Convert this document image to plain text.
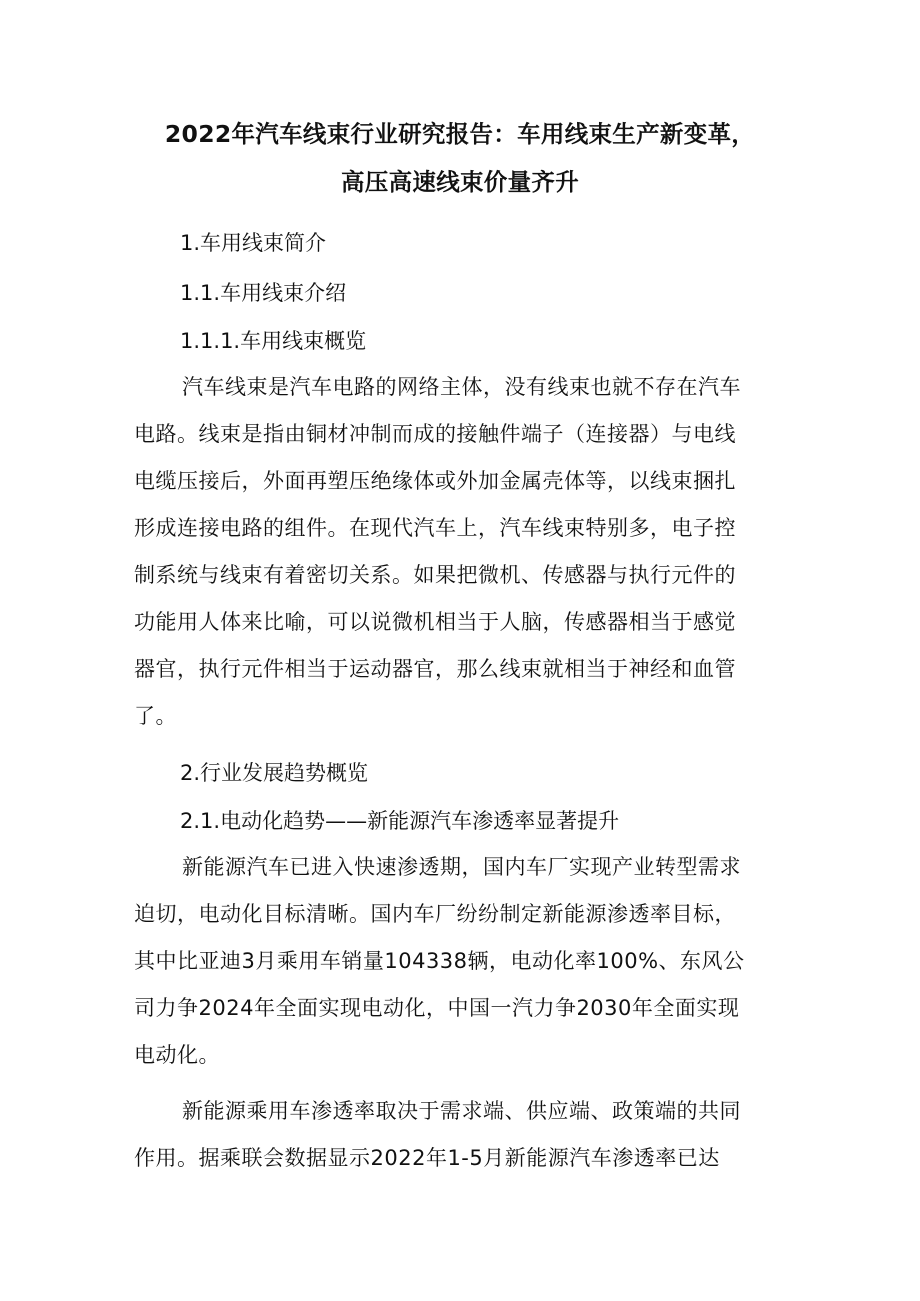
2022年汽车线束行业研究报告：车用线束生产新变革，
高压高速线束价量齐升
1.车用线束简介
1.1.车用线束介绍
1.1.1.车用线束概览
汽车线束是汽车电路的网络主体，没有线束也就不存在汽车
电路。线束是指由铜材冲制而成的接触件端子（连接器）与电线
电缆压接后，外面再塑压绝缘体或外加金属壳体等，以线束捆扎
形成连接电路的组件。在现代汽车上，汽车线束特别多，电子控
制系统与线束有着密切关系。如果把微机、传感器与执行元件的
功能用人体来比喻，可以说微机相当于人脑，传感器相当于感觉
器官，执行元件相当于运动器官，那么线束就相当于神经和血管
了。
2.行业发展趋势概览
2.1.电动化趋势——新能源汽车渗透率显著提升
新能源汽车已进入快速渗透期，国内车厂实现产业转型需求
迫切，电动化目标清晰。国内车厂纷纷制定新能源渗透率目标，
其中比亚迪3月乘用车销量104338辆，电动化率100%、东风公
司力争2024年全面实现电动化，中国一汽力争2030年全面实现
电动化。
新能源乘用车渗透率取决于需求端、供应端、政策端的共同
作用。据乘联会数据显示2022年1-5月新能源汽车渗透率已达
